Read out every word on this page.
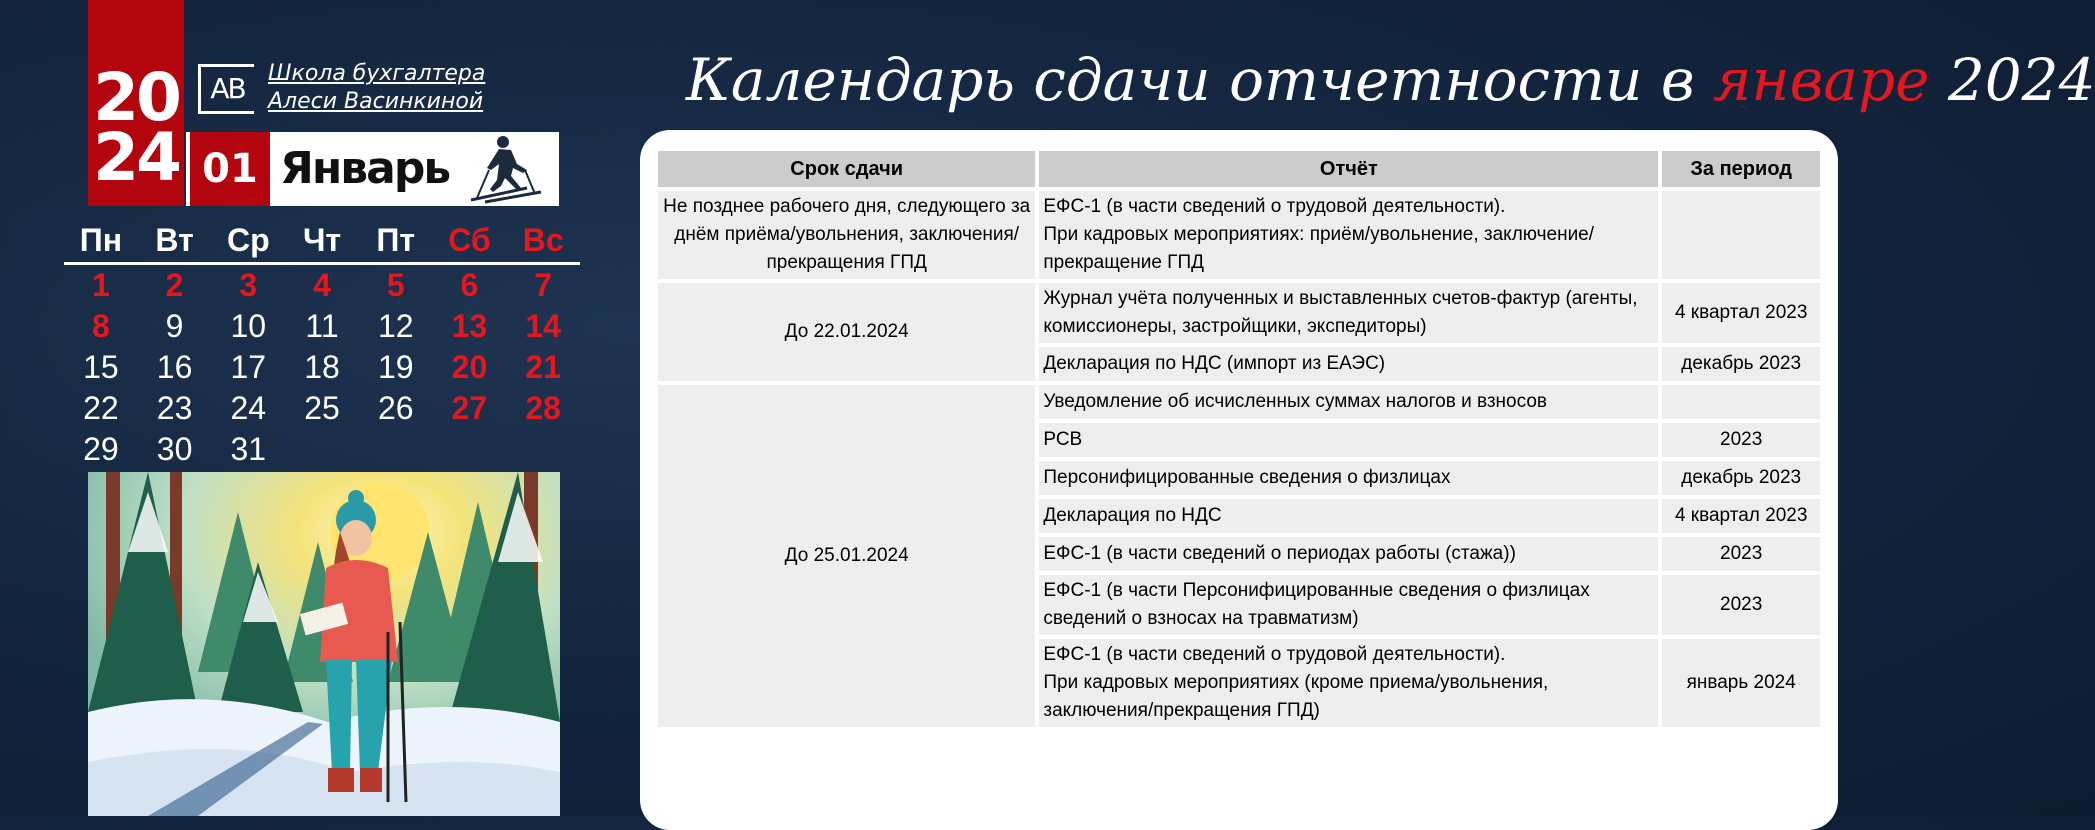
20
24
AB	Школа бухгалтера
Алеси Васинкиной
01 Январь
Пн	Вт	Ср	Чт	Пт	Сб	Вс
1	2	3	4	5	6	7
8	9	10	11	12	13	14
15	16	17	18	19	20	21
22	23	24	25	26	27	28
29	30	31
Календарь сдачи отчетности в январе 2024
Срок сдачи	Отчёт	За период
Не позднее рабочего дня, следующего за днём приёма/увольнения, заключения/прекращения ГПД	ЕФС-1 (в части сведений о трудовой деятельности).
При кадровых мероприятиях: приём/увольнение, заключение/прекращение ГПД	
До 22.01.2024	Журнал учёта полученных и выставленных счетов-фактур (агенты, комиссионеры, застройщики, экспедиторы)	4 квартал 2023
	Декларация по НДС (импорт из ЕАЭС)	декабрь 2023
До 25.01.2024	Уведомление об исчисленных суммах налогов и взносов	
	РСВ	2023
	Персонифицированные сведения о физлицах	декабрь 2023
	Декларация по НДС	4 квартал 2023
	ЕФС-1 (в части сведений о периодах работы (стажа))	2023
	ЕФС-1 (в части Персонифицированные сведения о физлицах сведений о взносах на травматизм)	2023
	ЕФС-1 (в части сведений о трудовой деятельности).
При кадровых мероприятиях (кроме приема/увольнения, заключения/прекращения ГПД)	январь 2024
